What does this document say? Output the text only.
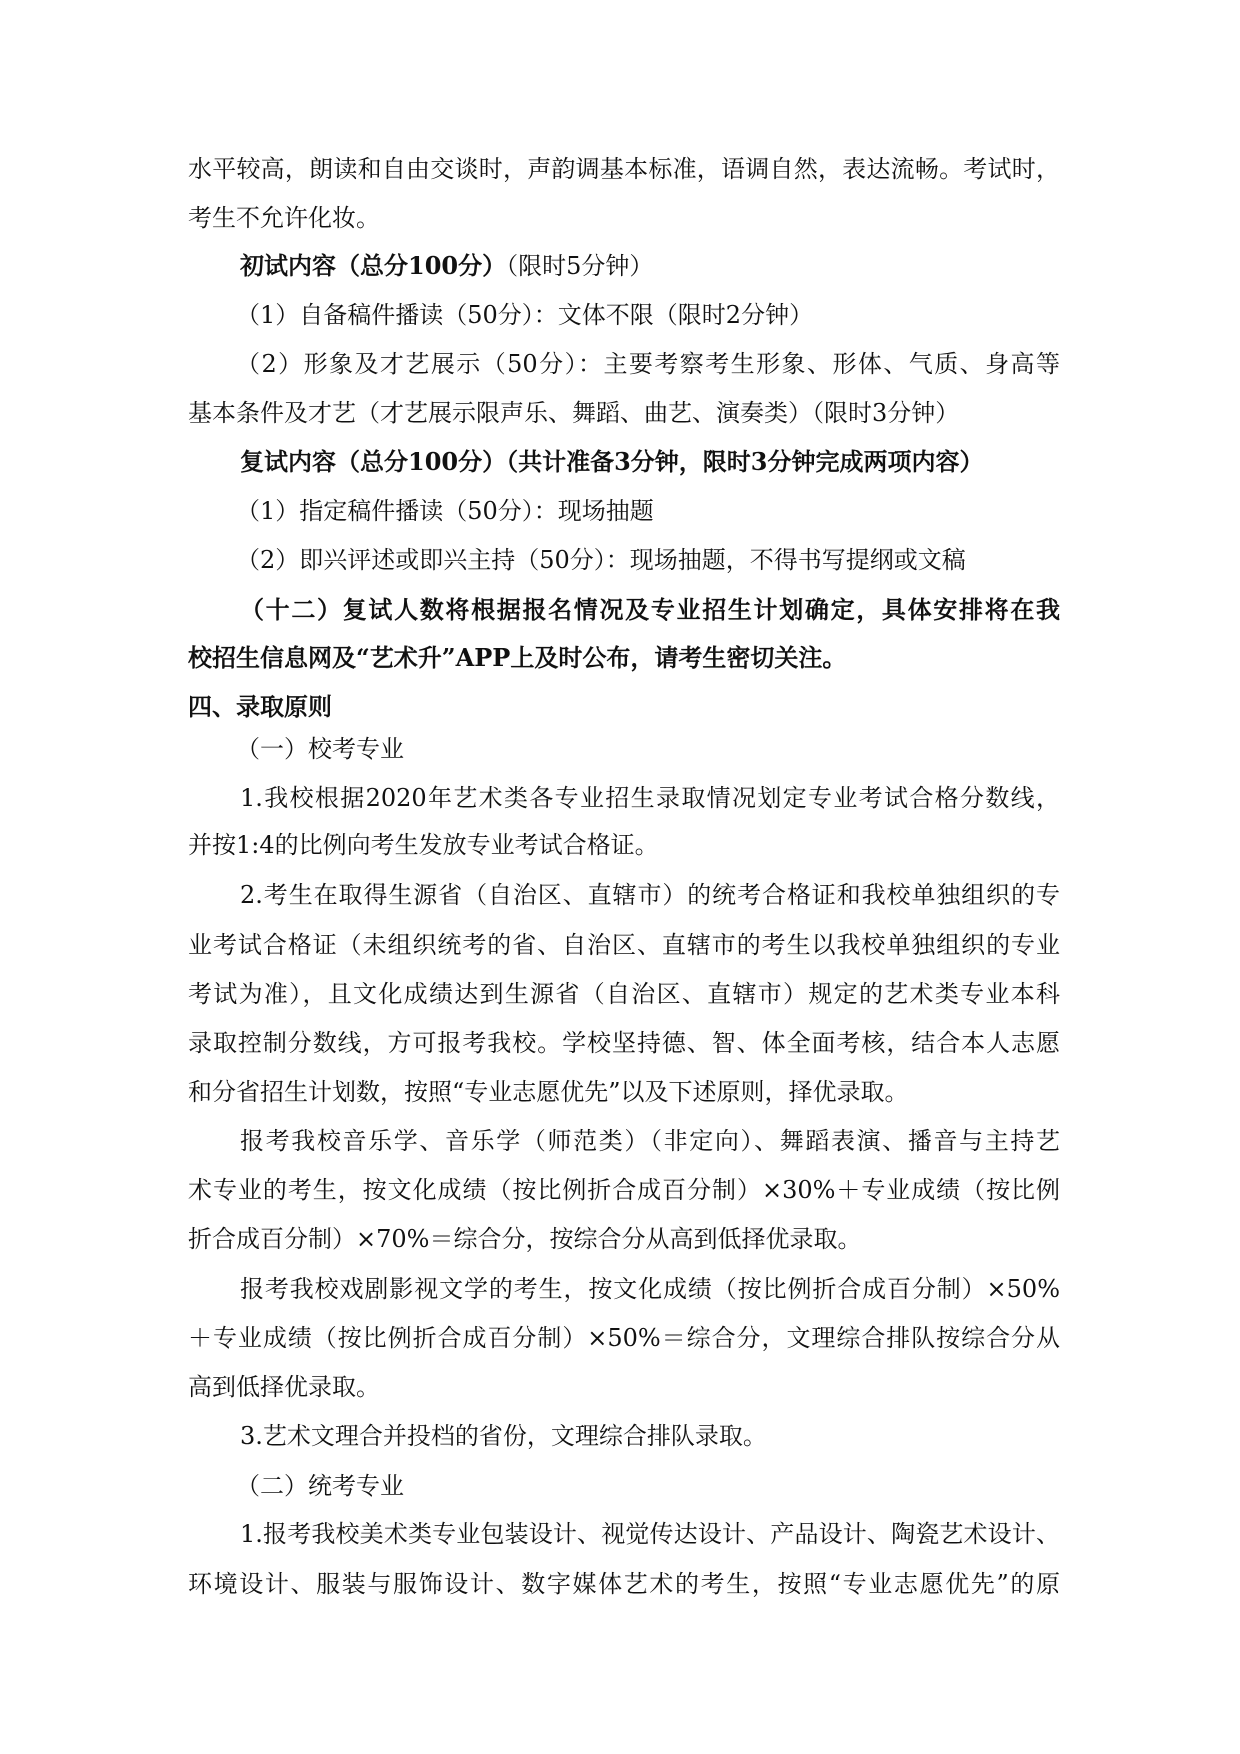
水平较高，朗读和自由交谈时，声韵调基本标准，语调自然，表达流畅。考试时，
考生不允许化妆。
初试内容（总分100分）（限时5分钟）
（1）自备稿件播读（50分）：文体不限（限时2分钟）
（2）形象及才艺展示（50分）：主要考察考生形象、形体、气质、身高等
基本条件及才艺（才艺展示限声乐、舞蹈、曲艺、演奏类）（限时3分钟）
复试内容（总分100分）（共计准备3分钟，限时3分钟完成两项内容）
（1）指定稿件播读（50分）：现场抽题
（2）即兴评述或即兴主持（50分）：现场抽题，不得书写提纲或文稿
（十二）复试人数将根据报名情况及专业招生计划确定，具体安排将在我
校招生信息网及“艺术升”APP上及时公布，请考生密切关注。
四、录取原则
（一）校考专业
1.我校根据2020年艺术类各专业招生录取情况划定专业考试合格分数线，
并按1:4的比例向考生发放专业考试合格证。
2.考生在取得生源省（自治区、直辖市）的统考合格证和我校单独组织的专
业考试合格证（未组织统考的省、自治区、直辖市的考生以我校单独组织的专业
考试为准），且文化成绩达到生源省（自治区、直辖市）规定的艺术类专业本科
录取控制分数线，方可报考我校。学校坚持德、智、体全面考核，结合本人志愿
和分省招生计划数，按照“专业志愿优先”以及下述原则，择优录取。
报考我校音乐学、音乐学（师范类）（非定向）、舞蹈表演、播音与主持艺
术专业的考生，按文化成绩（按比例折合成百分制）×30%＋专业成绩（按比例
折合成百分制）×70%＝综合分，按综合分从高到低择优录取。
报考我校戏剧影视文学的考生，按文化成绩（按比例折合成百分制）×50%
＋专业成绩（按比例折合成百分制）×50%＝综合分，文理综合排队按综合分从
高到低择优录取。
3.艺术文理合并投档的省份，文理综合排队录取。
（二）统考专业
1.报考我校美术类专业包装设计、视觉传达设计、产品设计、陶瓷艺术设计、
环境设计、服装与服饰设计、数字媒体艺术的考生，按照“专业志愿优先”的原
